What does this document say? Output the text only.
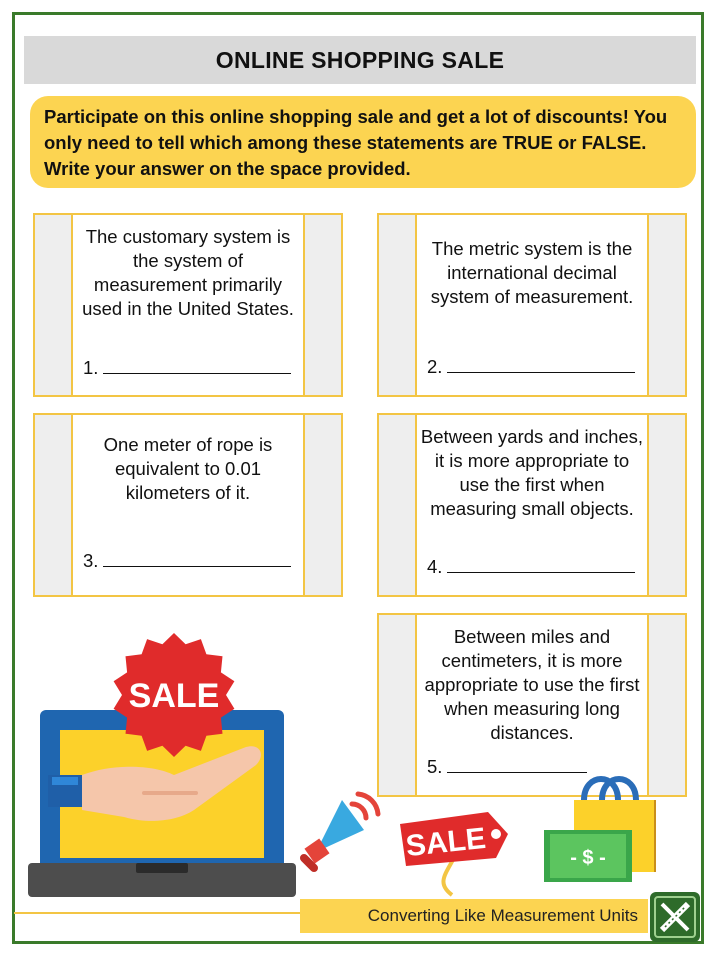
ONLINE SHOPPING SALE
Participate on this online shopping sale and get a lot of discounts! You only need to tell which among these statements are TRUE or FALSE. Write your answer on the space provided.
The customary system is the system of measurement primarily used in the United States.
1.
The metric system is the international decimal system of measurement.
2.
One meter of rope is equivalent to 0.01 kilometers of it.
3.
Between yards and inches, it is more appropriate to use the first when measuring small objects.
4.
Between miles and centimeters, it is more appropriate to use the first when measuring long distances.
5.
SALE
SALE	- $ -
Converting Like Measurement Units
